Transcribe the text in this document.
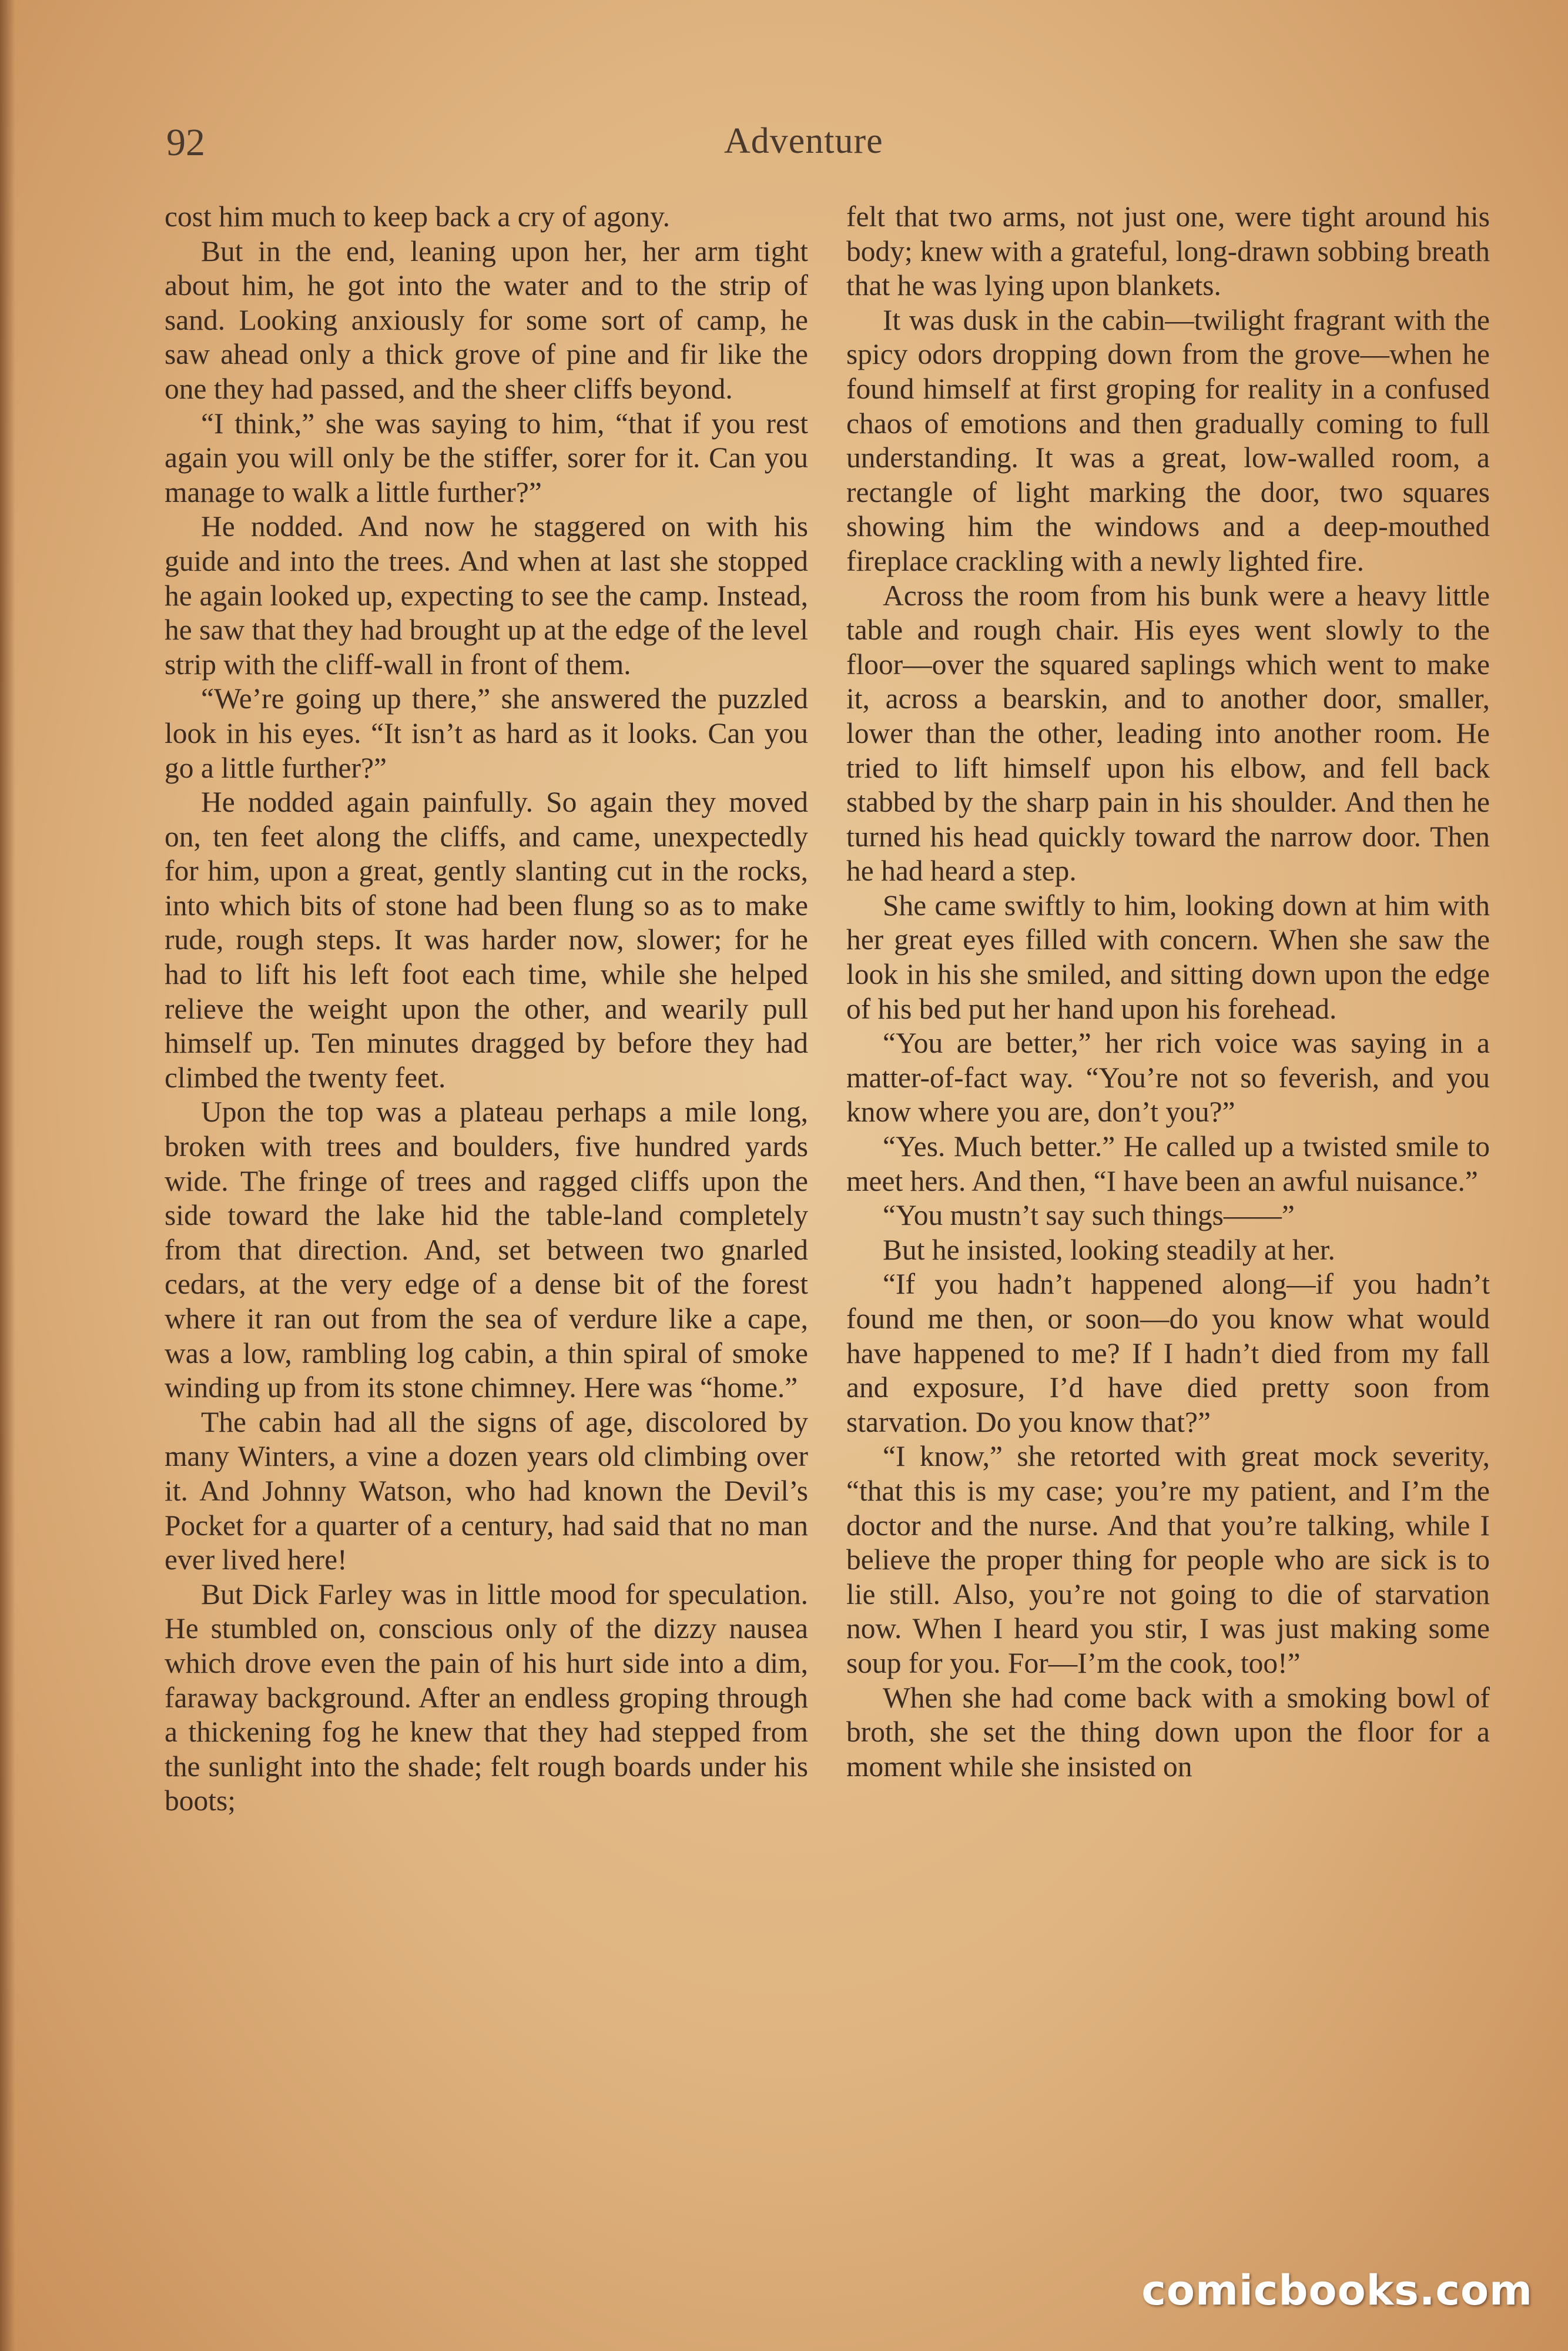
92	Adventure

cost him much to keep back a cry of agony.

But in the end, leaning upon her, her arm tight about him, he got into the water and to the strip of sand. Looking anxiously for some sort of camp, he saw ahead only a thick grove of pine and fir like the one they had passed, and the sheer cliffs beyond.

“I think,” she was saying to him, “that if you rest again you will only be the stiffer, sorer for it. Can you manage to walk a little further?”

He nodded. And now he staggered on with his guide and into the trees. And when at last she stopped he again looked up, expecting to see the camp. Instead, he saw that they had brought up at the edge of the level strip with the cliff-wall in front of them.

“We’re going up there,” she answered the puzzled look in his eyes. “It isn’t as hard as it looks. Can you go a little further?”

He nodded again painfully. So again they moved on, ten feet along the cliffs, and came, unexpectedly for him, upon a great, gently slanting cut in the rocks, into which bits of stone had been flung so as to make rude, rough steps. It was harder now, slower; for he had to lift his left foot each time, while she helped relieve the weight upon the other, and wearily pull himself up. Ten minutes dragged by before they had climbed the twenty feet.

Upon the top was a plateau perhaps a mile long, broken with trees and boulders, five hundred yards wide. The fringe of trees and ragged cliffs upon the side toward the lake hid the table-land completely from that direction. And, set between two gnarled cedars, at the very edge of a dense bit of the forest where it ran out from the sea of verdure like a cape, was a low, rambling log cabin, a thin spiral of smoke winding up from its stone chimney. Here was “home.”

The cabin had all the signs of age, discolored by many Winters, a vine a dozen years old climbing over it. And Johnny Watson, who had known the Devil’s Pocket for a quarter of a century, had said that no man ever lived here!

But Dick Farley was in little mood for speculation. He stumbled on, conscious only of the dizzy nausea which drove even the pain of his hurt side into a dim, faraway background. After an endless groping through a thickening fog he knew that they had stepped from the sunlight into the shade; felt rough boards under his boots;

felt that two arms, not just one, were tight around his body; knew with a grateful, long-drawn sobbing breath that he was lying upon blankets.

It was dusk in the cabin—twilight fragrant with the spicy odors dropping down from the grove—when he found himself at first groping for reality in a confused chaos of emotions and then gradually coming to full understanding. It was a great, low-walled room, a rectangle of light marking the door, two squares showing him the windows and a deep-mouthed fireplace crackling with a newly lighted fire.

Across the room from his bunk were a heavy little table and rough chair. His eyes went slowly to the floor—over the squared saplings which went to make it, across a bearskin, and to another door, smaller, lower than the other, leading into another room. He tried to lift himself upon his elbow, and fell back stabbed by the sharp pain in his shoulder. And then he turned his head quickly toward the narrow door. Then he had heard a step.

She came swiftly to him, looking down at him with her great eyes filled with concern. When she saw the look in his she smiled, and sitting down upon the edge of his bed put her hand upon his forehead.

“You are better,” her rich voice was saying in a matter-of-fact way. “You’re not so feverish, and you know where you are, don’t you?”

“Yes. Much better.” He called up a twisted smile to meet hers. And then, “I have been an awful nuisance.”

“You mustn’t say such things——”

But he insisted, looking steadily at her.

“If you hadn’t happened along—if you hadn’t found me then, or soon—do you know what would have happened to me? If I hadn’t died from my fall and exposure, I’d have died pretty soon from starvation. Do you know that?”

“I know,” she retorted with great mock severity, “that this is my case; you’re my patient, and I’m the doctor and the nurse. And that you’re talking, while I believe the proper thing for people who are sick is to lie still. Also, you’re not going to die of starvation now. When I heard you stir, I was just making some soup for you. For—I’m the cook, too!”

When she had come back with a smoking bowl of broth, she set the thing down upon the floor for a moment while she insisted on

comicbooks.com
